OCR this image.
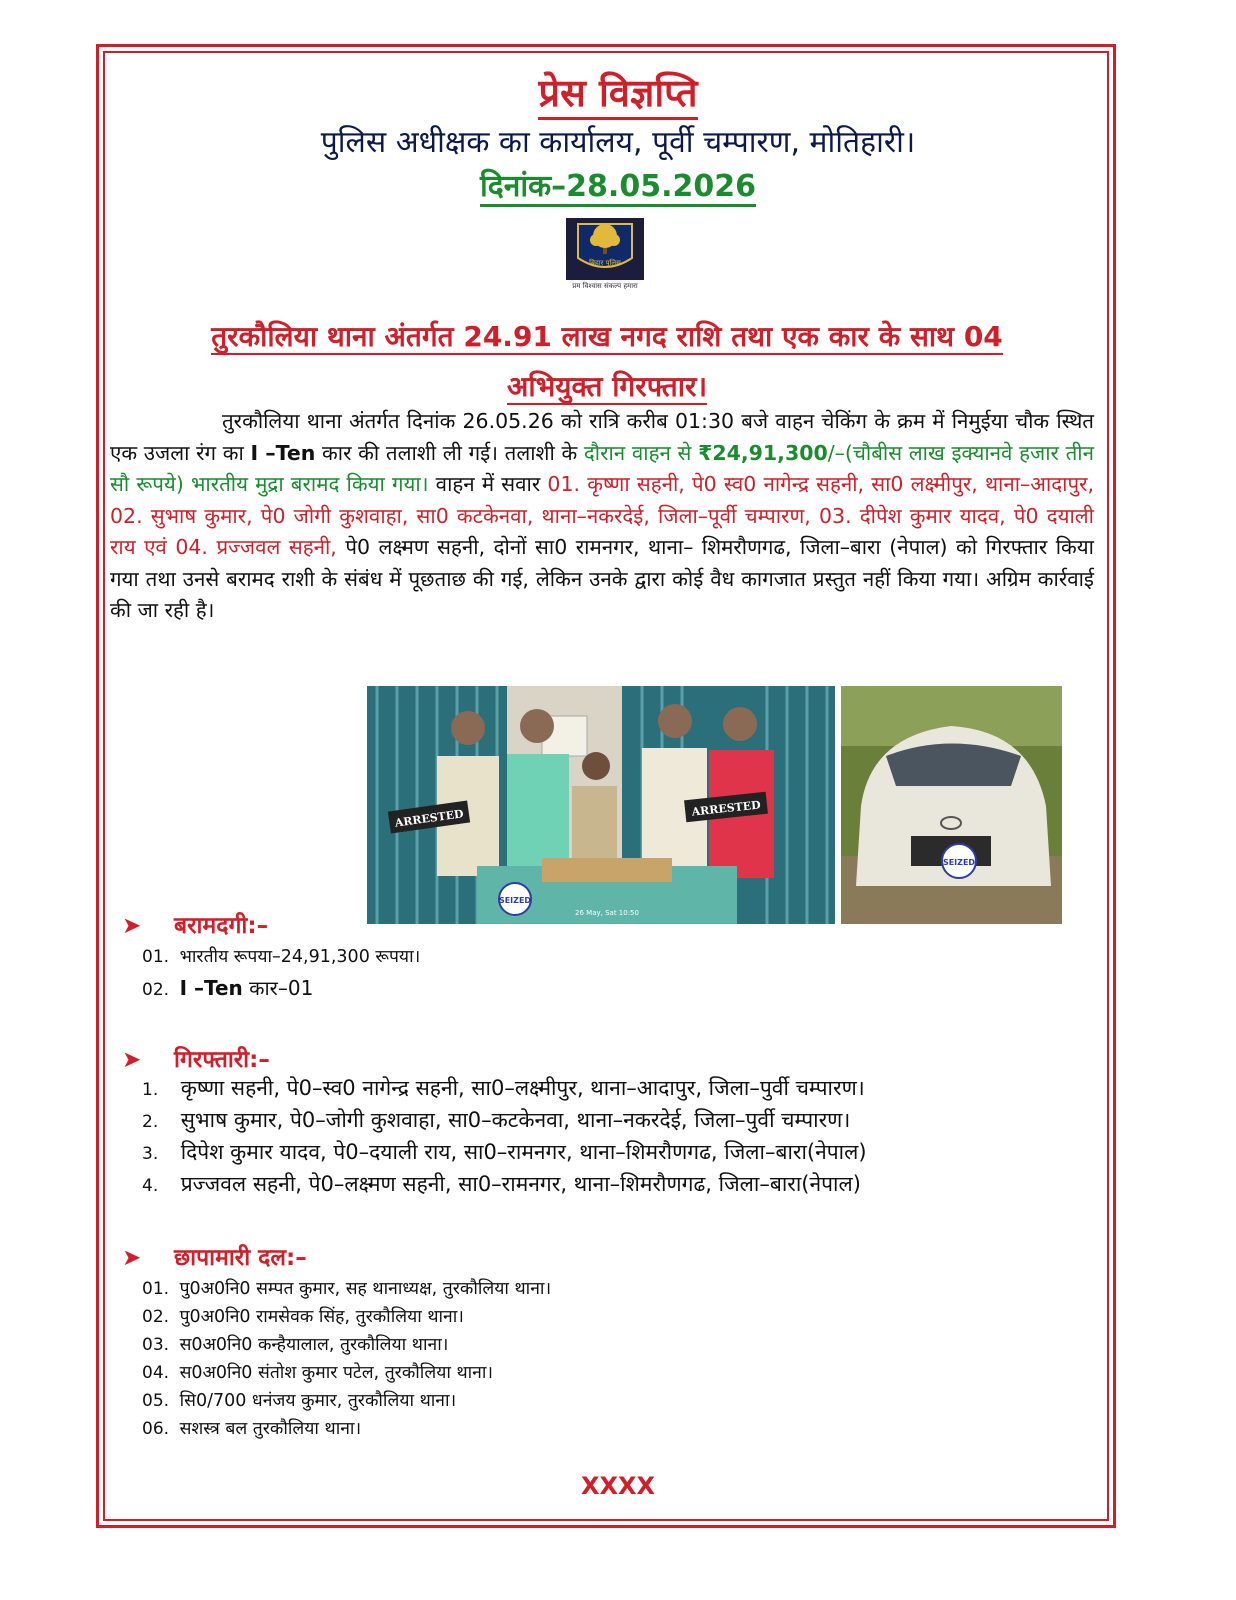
प्रेस विज्ञप्ति
पुलिस अधीक्षक का कार्यालय, पूर्वी चम्पारण, मोतिहारी।
दिनांक–28.05.2026
बिहार पुलिस
प्रम विश्वास संकल्प हमारा
तुरकौलिया थाना अंतर्गत 24.91 लाख नगद राशि तथा एक कार के साथ 04
अभियुक्त गिरफ्तार।
तुरकौलिया थाना अंतर्गत दिनांक 26.05.26 को रात्रि करीब 01:30 बजे वाहन चेकिंग के क्रम में निमुईया चौक स्थित एक उजला रंग का I –Ten कार की तलाशी ली गई। तलाशी के दौरान वाहन से ₹24,91,300/–(चौबीस लाख इक्यानवे हजार तीन सौ रूपये) भारतीय मुद्रा बरामद किया गया। वाहन में सवार 01. कृष्णा सहनी, पे0 स्व0 नागेन्द्र सहनी, सा0 लक्ष्मीपुर, थाना–आदापुर, 02. सुभाष कुमार, पे0 जोगी कुशवाहा, सा0 कटकेनवा, थाना–नकरदेई, जिला–पूर्वी चम्पारण, 03. दीपेश कुमार यादव, पे0 दयाली राय एवं 04. प्रज्जवल सहनी, पे0 लक्ष्मण सहनी, दोनों सा0 रामनगर, थाना– शिमरौणगढ, जिला–बारा (नेपाल) को गिरफ्तार किया गया तथा उनसे बरामद राशी के संबंध में पूछताछ की गई, लेकिन उनके द्वारा कोई वैध कागजात प्रस्तुत नहीं किया गया। अग्रिम कार्रवाई की जा रही है।
ARRESTED	ARRESTED
SEIZED
26 May, Sat 10:50
SEIZED
➤ बरामदगी:–
01. भारतीय रूपया–24,91,300 रूपया।
02. I –Ten कार–01
➤ गिरफ्तारी:–
1. कृष्णा सहनी, पे0–स्व0 नागेन्द्र सहनी, सा0–लक्ष्मीपुर, थाना–आदापुर, जिला–पुर्वी चम्पारण।
2. सुभाष कुमार, पे0–जोगी कुशवाहा, सा0–कटकेनवा, थाना–नकरदेई, जिला–पुर्वी चम्पारण।
3. दिपेश कुमार यादव, पे0–दयाली राय, सा0–रामनगर, थाना–शिमरौणगढ, जिला–बारा(नेपाल)
4. प्रज्जवल सहनी, पे0–लक्ष्मण सहनी, सा0–रामनगर, थाना–शिमरौणगढ, जिला–बारा(नेपाल)
➤ छापामारी दल:–
01. पु0अ0नि0 सम्पत कुमार, सह थानाध्यक्ष, तुरकौलिया थाना।
02. पु0अ0नि0 रामसेवक सिंह, तुरकौलिया थाना।
03. स0अ0नि0 कन्हैयालाल, तुरकौलिया थाना।
04. स0अ0नि0 संतोश कुमार पटेल, तुरकौलिया थाना।
05. सि0/700 धनंजय कुमार, तुरकौलिया थाना।
06. सशस्त्र बल तुरकौलिया थाना।
XXXX
